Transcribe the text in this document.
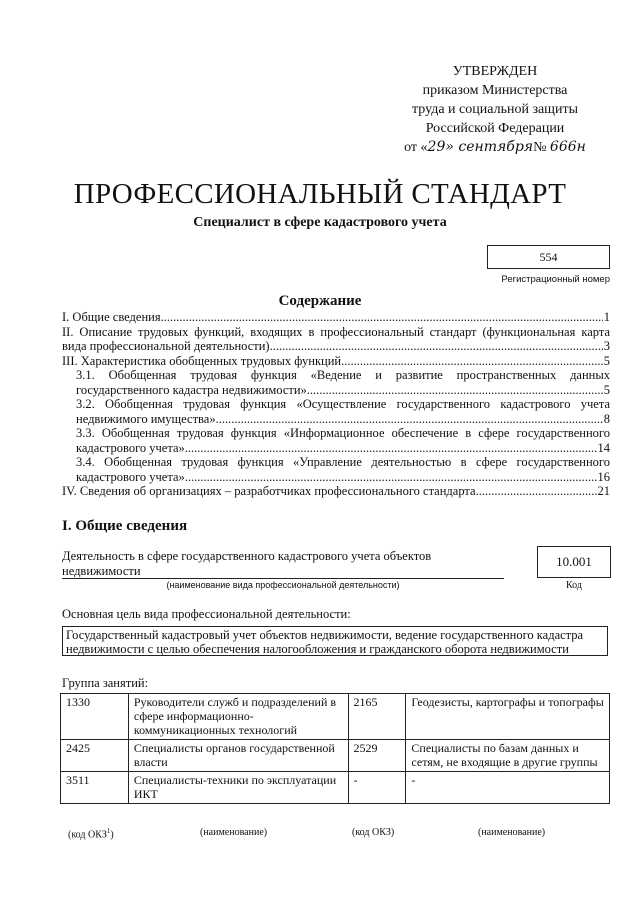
УТВЕРЖДЕН
приказом Министерства
труда и социальной защиты
Российской Федерации
от «29» сентября№ 666н
ПРОФЕССИОНАЛЬНЫЙ СТАНДАРТ
Специалист в сфере кадастрового учета
554
Регистрационный номер
Содержание
I. Общие сведения .....	1
II. Описание трудовых функций, входящих в профессиональный стандарт (функциональная карта
вида профессиональной деятельности) .....	3
III. Характеристика обобщенных трудовых функций .....	5
3.1. Обобщенная трудовая функция «Ведение и развитие пространственных данных
государственного кадастра недвижимости» .....	5
3.2. Обобщенная трудовая функция «Осуществление государственного кадастрового учета
недвижимого имущества» .....	8
3.3. Обобщенная трудовая функция «Информационное обеспечение в сфере государственного
кадастрового учета» .....	14
3.4. Обобщенная трудовая функция «Управление деятельностью в сфере государственного
кадастрового учета» .....	16
IV. Сведения об организациях – разработчиках профессионального стандарта .....	21
I. Общие сведения
Деятельность в сфере государственного кадастрового учета объектов
недвижимости
(наименование вида профессиональной деятельности)
10.001
Код
Основная цель вида профессиональной деятельности:
Государственный кадастровый учет объектов недвижимости, ведение государственного кадастра
недвижимости с целью обеспечения налогообложения и гражданского оборота недвижимости
Группа занятий:
1330	Руководители служб и подразделений в сфере информационно-коммуникационных технологий	2165	Геодезисты, картографы и топографы
2425	Специалисты органов государственной власти	2529	Специалисты по базам данных и сетям, не входящие в другие группы
3511	Специалисты-техники по эксплуатации ИКТ	-	-
(код ОКЗ$^1$)	(наименование)	(код ОКЗ)	(наименование)
